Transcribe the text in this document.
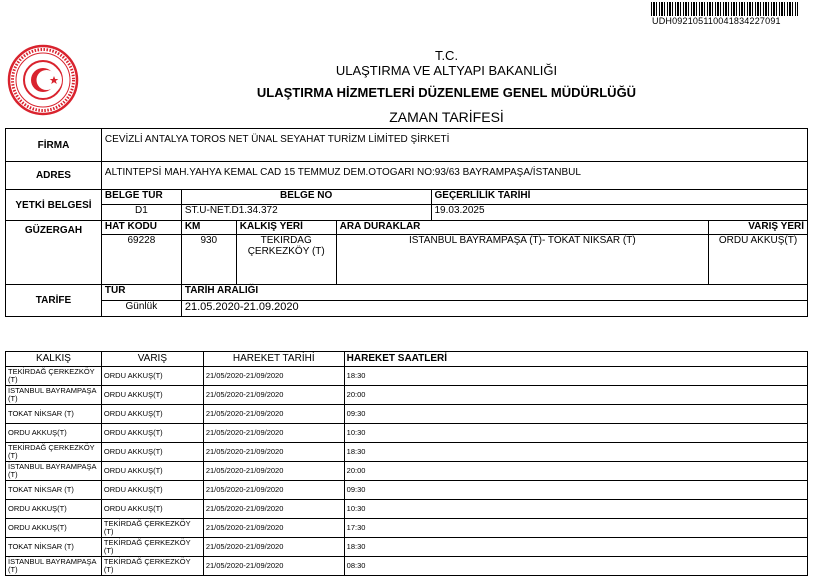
UDH0921051100418342270​91
T.C.
ULAŞTIRMA VE ALTYAPI BAKANLIĞI
ULAŞTIRMA HİZMETLERİ DÜZENLEME GENEL MÜDÜRLÜĞÜ
ZAMAN TARİFESİ
FİRMA	CEVİZLİ ANTALYA TOROS NET ÜNAL SEYAHAT TURİZM LİMİTED ŞİRKETİ					
ADRES	ALTINTEPSİ MAH.YAHYA KEMAL CAD 15 TEMMUZ DEM.OTOGARI NO:93/63 BAYRAMPAŞA/İSTANBUL					
YETKİ BELGESİ	BELGE TÜR	BELGE NO			GEÇERLİLİK TARİHİ	
	D1	ST.U-NET.D1.34.372			19.03.2025	
GÜZERGAH	HAT KODU	KM	KALKIŞ YERİ	ARA DURAKLAR		VARIŞ YERİ
	69228	930	TEKİRDAĞ ÇERKEZKÖY (T)	İSTANBUL BAYRAMPAŞA (T)- TOKAT NİKSAR (T)		ORDU AKKUŞ(T)
TARİFE	TÜR	TARİH ARALIĞI				
	Günlük	21.05.2020-21.09.2020				
KALKIŞ	VARIŞ	HAREKET TARİHİ	HAREKET SAATLERİ
TEKİRDAĞ ÇERKEZKÖY (T)	ORDU AKKUŞ(T)	21/05/2020-21/09/2020	18:30
İSTANBUL BAYRAMPAŞA (T)	ORDU AKKUŞ(T)	21/05/2020-21/09/2020	20:00
TOKAT NİKSAR (T)	ORDU AKKUŞ(T)	21/05/2020-21/09/2020	09:30
ORDU AKKUŞ(T)	ORDU AKKUŞ(T)	21/05/2020-21/09/2020	10:30
TEKİRDAĞ ÇERKEZKÖY (T)	ORDU AKKUŞ(T)	21/05/2020-21/09/2020	18:30
İSTANBUL BAYRAMPAŞA (T)	ORDU AKKUŞ(T)	21/05/2020-21/09/2020	20:00
TOKAT NİKSAR (T)	ORDU AKKUŞ(T)	21/05/2020-21/09/2020	09:30
ORDU AKKUŞ(T)	ORDU AKKUŞ(T)	21/05/2020-21/09/2020	10:30
ORDU AKKUŞ(T)	TEKİRDAĞ ÇERKEZKÖY (T)	21/05/2020-21/09/2020	17:30
TOKAT NİKSAR (T)	TEKİRDAĞ ÇERKEZKÖY (T)	21/05/2020-21/09/2020	18:30
İSTANBUL BAYRAMPAŞA (T)	TEKİRDAĞ ÇERKEZKÖY (T)	21/05/2020-21/09/2020	08:30
